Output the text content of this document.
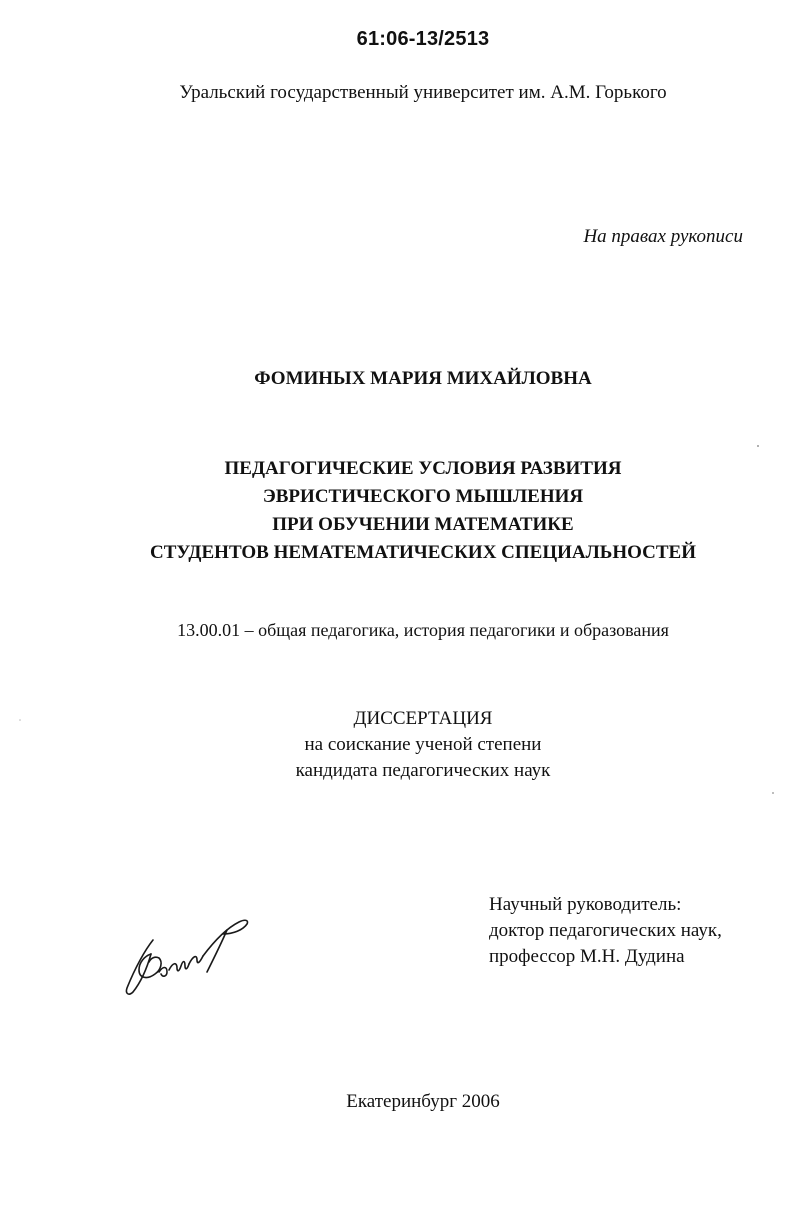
61:06-13/2513
Уральский государственный университет им. А.М. Горького
На правах рукописи
ФОМИНЫХ МАРИЯ МИХАЙЛОВНА
ПЕДАГОГИЧЕСКИЕ УСЛОВИЯ РАЗВИТИЯ
ЭВРИСТИЧЕСКОГО МЫШЛЕНИЯ
ПРИ ОБУЧЕНИИ МАТЕМАТИКЕ
СТУДЕНТОВ НЕМАТЕМАТИЧЕСКИХ СПЕЦИАЛЬНОСТЕЙ
13.00.01 – общая педагогика, история педагогики и образования
ДИССЕРТАЦИЯ
на соискание ученой степени
кандидата педагогических наук
Научный руководитель:
доктор педагогических наук,
профессор М.Н. Дудина
Екатеринбург 2006
